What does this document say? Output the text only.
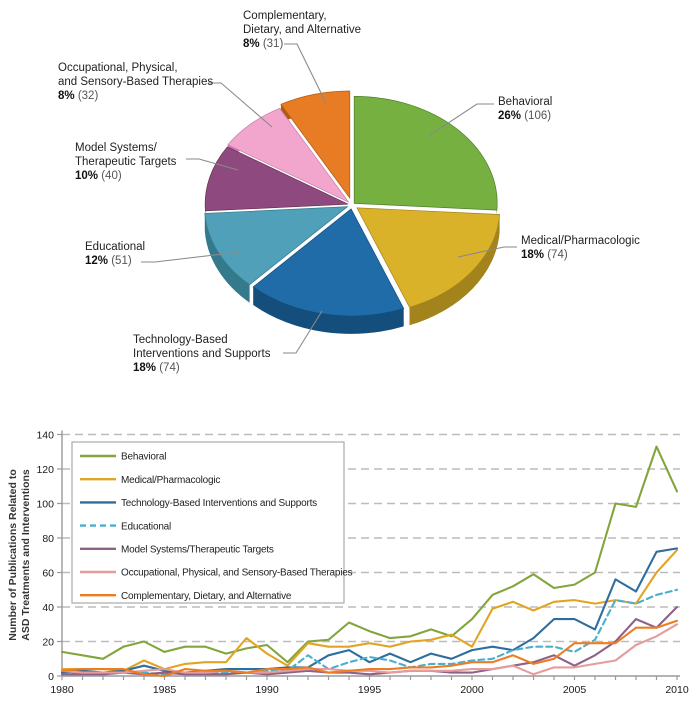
Behavioral
26% (106)
Medical/Pharmacologic
18% (74)
Technology-Based
Interventions and Supports
18% (74)
Educational
12% (51)
Model Systems/
Therapeutic Targets
10% (40)
Occupational, Physical,
and Sensory-Based Therapies
8% (32)
Complementary,
Dietary, and Alternative
8% (31)
0
20
40
60
80
100
120
140
1980	1985	1990	1995	2000	2005	2010
Number of Publications Related to ASD Treatments and Interventions
Behavioral
Medical/Pharmacologic
Technology-Based Interventions and Supports
Educational
Model Systems/Therapeutic Targets
Occupational, Physical, and Sensory-Based Therapies
Complementary, Dietary, and Alternative
